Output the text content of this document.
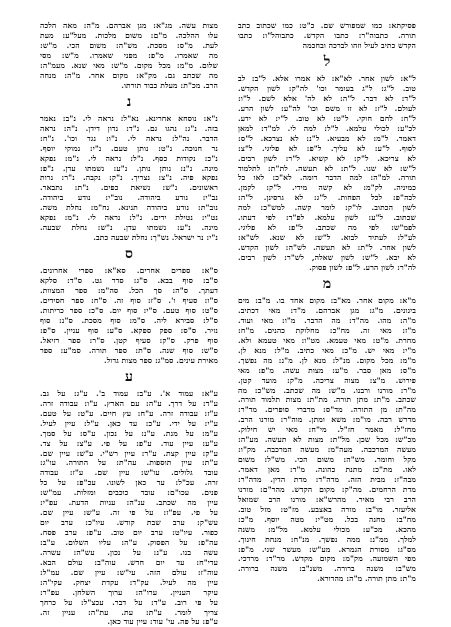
פסיקתא: כמו שמפורש שם. כ"ט: כמו שכתוב כתב
תורה. כתבוה"ר: כתבו הקדש. כתבוהל"ו: כתבו
הקדש כתיב לעיל וזהו לברכה ובחכמה
ל
ל"א: לשון אחר. לא"א: לא אמרו אלא. ל"ב: לב
טוב. ל"ג: ל"ג בעומר וכו' לה"ק: לשון הקדש.
ל"ד: לא דבר. ל"ה: לא לה' אלא לשם. ל"ו:
לעולם. ל"ז: לא זז משם וכו' לה"ע: לשון הרע.
ל"ח: לחם חוקי. ל"ט: לא טוב. ל"י: לא ידע.
לכ"ע: לכולי עלמא. ל"ל: למה לי. למ"ד: למאן
דאמר. ל"מ: לא מבעיא. ל"נ: לא נצרכא. ל"ס:
לסוף. ל"ע: לא עליך. ל"פ: לא פליגי. ל"צ:
לא צריכא. ל"ק: לא קשיא. ל"ר: לשון רבים.
ל"ש: לא שנו. ל"ת: לא תעשה. לת"ת: לתלמוד
תורה. למ"ה: למה הדבר דומה. לא"כ: לאו כל
כמיניה. לק"מ: לא קשה מידי. ל"ק: לקמן.
לכה"פ: לכל הפחות. ל"ג: לא גרסינן. ל"ה:
לשון הכתוב. לו"ק: לומר קשה. למש"כ: למה
שכתוב. ל"ע: לשון עלמא. לפ"ד: לפי דעתו.
לפמ"ש: לפי מה שכתב. ל"פ: לא פליגי.
לע"ל: לעתיד לבוא. ל"ש: לא שנא. לש"א:
לשון אחר. ל"ת: לא תעשה. לש"ה: לשון הקדש.
לא יבא. ל"ש: לשון שאלה, לש"ר: לשון רבים.
לה"ר: לשון הרע. ל"פ: לשון פסוק.
מ
מ"א: מקום אחר. מא"ב: מקום אחד בו. מ"ב: מים
בינונים. מ"ג: מגן אברהם. מ"ד: מאי דכתיב.
מ"ה: מהו. מה"ד: מה הדבר. מ"ו: מאי ועוד.
מ"ז: מאי זה. מח"כ: מחלוקת כהנים. מ"ח:
מחרת. מ"ט: מאי טעמא. מט"ו: מאי טעמא ולא.
מ"י: מאי יש. מ"כ: מאי כתיב. מ"ל: מנא לן.
מ"מ: מכל מקום. מנ"ל: מנא לן. מ"נ: מה נפשך.
מ"ס: מאן סבר. מ"ע: מצות עשה. מ"פ: מאי
פירוש. מ"צ: מצוה צריכה. מ"ק: מועד קטן.
מ"ר: מורנו ורבנו. מ"ש: מה שכתב. מש"כ: מה
שכתב. מ"ת: מתן תורה. מת"ת: מצות תלמוד תורה.
מה"ת: מן התורה. מד"ס: מדברי סופרים. מד"ר:
מדרש רבה. מו"מ: משא ומתן. מוה"ר: מורנו הרב.
מחז"ל: מאמר חז"ל. מי"ח: מאי יש חילוק.
מכ"ש: מכל שכן. מל"ת: מצות לא תעשה. מע"ה:
מעשה המרכבה. מעה"מ: מעשה המרכבה. מק"ו:
מקל וחומר. מש"ה: משום הכי. מש"ל: משום
לאו. מת"כ: מתנת כהונה. מ"ד: מאן דאמר.
מבה"ז: מבית הזה. מדה"ד: מדת הדין. מדה"ר:
מדת הרחמים. מה"ק: מקום הקדש. מהר"ם: מורנו
הרב רבי מאיר. מהרש"א: מורנו הרב שמואל
אליעזר. מו"ב: מורה באצבע. מז"ט: מזל טוב.
מח"ב: מחנה בכל. מט"י: מטה יוסף. מ"כ:
מהכא. מכ"ע: מכולי עלמא. מל"מ: משנה
למלך. ממ"נ: ממה נפשך. מנ"ח: מנחת חינוך.
מס"ג: מסורת הגמרא. מע"ש: מעשר שני. מ"פ:
מפי השמועה. מק"מ: מקום מקדש. מר"ד: מרדכי.
מש"ב: משנה ברורה. משנ"ב: משנה ברורה.
מ"ת: מתן תורה. מ"ה: מהדורא.
מצות עשה. מג"א: מגן אברהם. מ"ה: מאה הלכה
עלו ההלכה. מ"ם: משום מלכות. מעל"ע: מעת
לעת. מ"ס: מסכת. מש"ה: משום הכי. מ"ש:
מה שאמרו. מ"פ: מפני שאמרו. מ"ש: מסי
שלום. מ"מ: מכל מקום. מ"ש: מאי שנא. מעמ"ה:
מה שכתב גם. מק"א: מקום אחר. מ"ה: מנחה
הרב. מכ"ת: מעלת כבוד תורתו.
נ
נ"א: נוסחא אחרינא. נא"ל: נראה לי. נ"ב: נאמר
בזה. נ"ג: נהגו גם. נ"ד: נדון דידן. נ"ה: נראה
הדבר. נה"ל: נראה לי. נ"ו: נגד וכו'. נ"ח:
נר חנוכה. נ"ט: נותן טעם. נ"י: נמוקי יוסף.
נ"כ: נקודות כסף. נ"ל: נראה לי. נ"מ: נפקא
מינה. נ"נ: נותן נותן. נ"ע: נשמתו עדן. נ"פ:
נפקא פיה. נ"צ: נצריך. נ"ק: נקבה. נ"ר: נרות
ראשונים. נ"ש: נשיאת כפים. נ"ת: נתבאר.
נב"י: נודע ביהודה. נוב"י: נודע ביהודה.
נוב"ת: נודע ביהודה תנינא. נח"מ: נחלת משה.
נט"י: נטילת ידים. נ"ל: נראה לי. נ"מ: נפקא
מינה. נ"ע: נשמתו עדן. נ"ש: נחלת שבעה.
נ"י: נר ישראל. נש"ך: נחלת שבעה כתב.
ס
ס"א: ספרים אחרים. סא"א: ספרי אחרונים.
ס"ב: סוף בבא. ס"ג: סדר גט. ס"ד: סלקא
דעתך. ס"ה: סך הכל. סה"מ: ספר המצוות.
ס"ו: סעיף ו'. ס"ז: סוף זה. ס"ח: ספר חסידים.
ס"ט: סוף טעם. ס"י: סוף יום. ס"כ: ספר כריתות.
ס"ל: סבירא ליה. ס"מ: סוף מסכת. ס"נ: סוף
נזיר. ס"ס: ספק ספקא. ס"ע: סוף עניין. ס"פ:
סוף פרק. ס"ק: סעיף קטן. ס"ר: ספר רזיאל.
ס"ש: סוף שנה. ס"ת: ספר תורה. סמ"ע: ספר
מאירת עינים. סמ"ג: ספר מצות גדול.
ע
ע"א: עמוד א'. ע"ב: עמוד ב'. ע"ג: על גב.
ע"ד: על דרך. ע"ה: עם הארץ. ע"ו: עבודה זרה.
ע"ז: עבודה זרה. ע"ח: עץ חיים. ע"ט: על טעם.
ע"י: על ידי. ע"כ: עד כאן. ע"ל: עיין לעיל.
ע"מ: על מנת. ע"נ: על נכון. ע"ס: על סמך.
ע"ע: עיין עוד. ע"פ: על פי. ע"צ: על צד.
ע"ק: עיין קצת. ע"ר: עיין רש"י. ע"ש: עיין שם.
ע"ת: עיין תוספות. עה"ת: על התורה. עו"ג:
עובד גלולים. עו"ש: עיין שם. ע"ז: עבודה
זרה. עכ"ל: עד כאן לשונו. עכ"פ: על כל
פנים. עכו"ם: עובד כוכבים ומזלות. עמ"ש:
עיין מה שכתב. ענ"ה: עניות הדעת. עפ"י:
על פי. עפ"ז: על פי זה. ע"ש: עיין שם.
עש"ק: ערב שבת קודש. עיו"כ: ערב יום
כפור. עיו"ט: ערב יום טוב. ע"פ: ערב פסח.
עה"פ: על הפסוק. ע"ה: עליו השלום. ע"ב:
עשה בנו. ע"נ: על נכון. עש"ה: עשרה.
עדי"ח: עד יום חדש. עוה"ב: עולם הבא.
עוה"ז: עולם הזה. עי"ש: עיין שם. עמ"ל:
עיין מה לעיל. עק"ד: עקדת יצחק. עקי"ה:
עיקר העניין. ערו"ה: ערוך השלחן. עפ"ר:
על פי רוב. ע"ד: על דבר. עכצ"ל: על כרחך
צריך לומר. ע"ת: עת. עת"ה: עניין זה.
ע"פ: על פה. עי' עוד: עיין עוד כאן.
